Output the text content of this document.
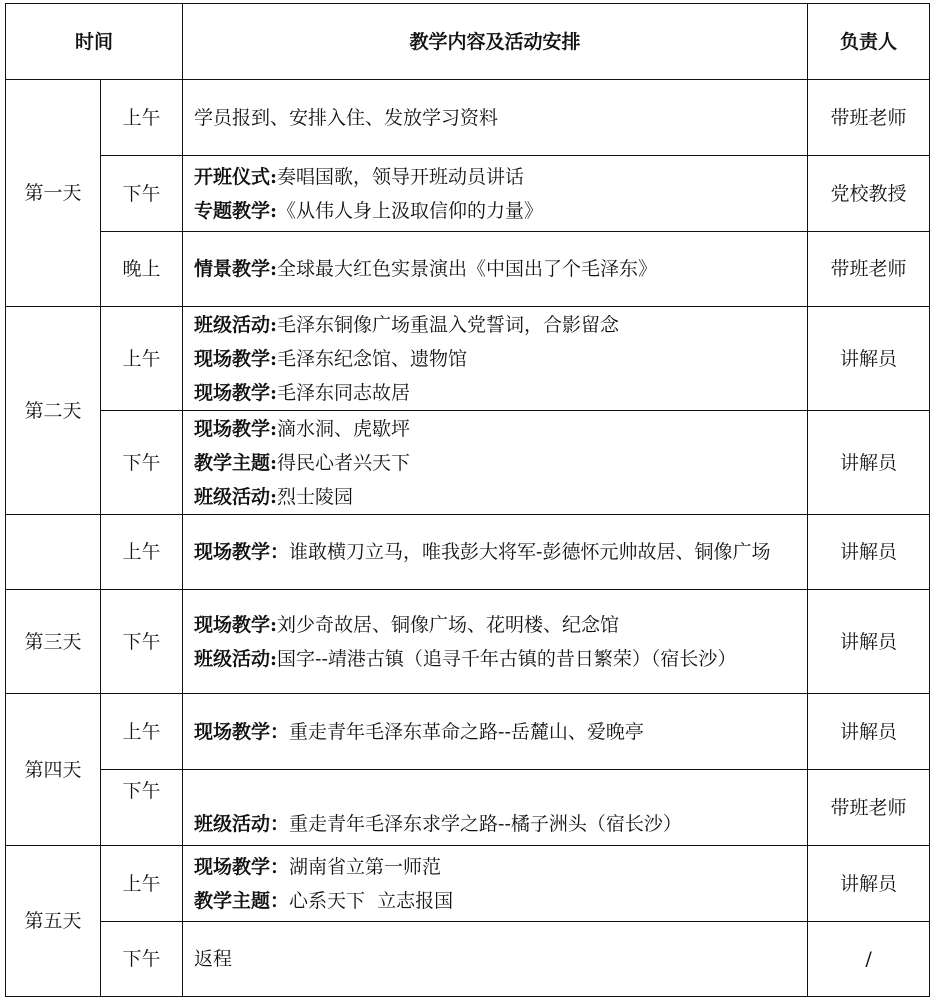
时间		教学内容及活动安排	负责人
第一天	上午	学员报到、安排入住、发放学习资料	带班老师
	下午	开班仪式:奏唱国歌，领导开班动员讲话
专题教学:《从伟人身上汲取信仰的力量》	党校教授
	晚上	情景教学:全球最大红色实景演出《中国出了个毛泽东》	带班老师
第二天	上午	班级活动:毛泽东铜像广场重温入党誓词，合影留念
现场教学:毛泽东纪念馆、遗物馆
现场教学:毛泽东同志故居	讲解员
	下午	现场教学:滴水洞、虎歇坪
教学主题:得民心者兴天下
班级活动:烈士陵园	讲解员
	上午	现场教学：谁敢横刀立马，唯我彭大将军-彭德怀元帅故居、铜像广场	讲解员
第三天	下午	现场教学:刘少奇故居、铜像广场、花明楼、纪念馆
班级活动:国字--靖港古镇（追寻千年古镇的昔日繁荣）（宿长沙）	讲解员
第四天	上午	现场教学：重走青年毛泽东革命之路--岳麓山、爱晚亭	讲解员
	下午	班级活动：重走青年毛泽东求学之路--橘子洲头（宿长沙）	带班老师
第五天	上午	现场教学：湖南省立第一师范
教学主题：心系天下  立志报国	讲解员
	下午	返程	/
